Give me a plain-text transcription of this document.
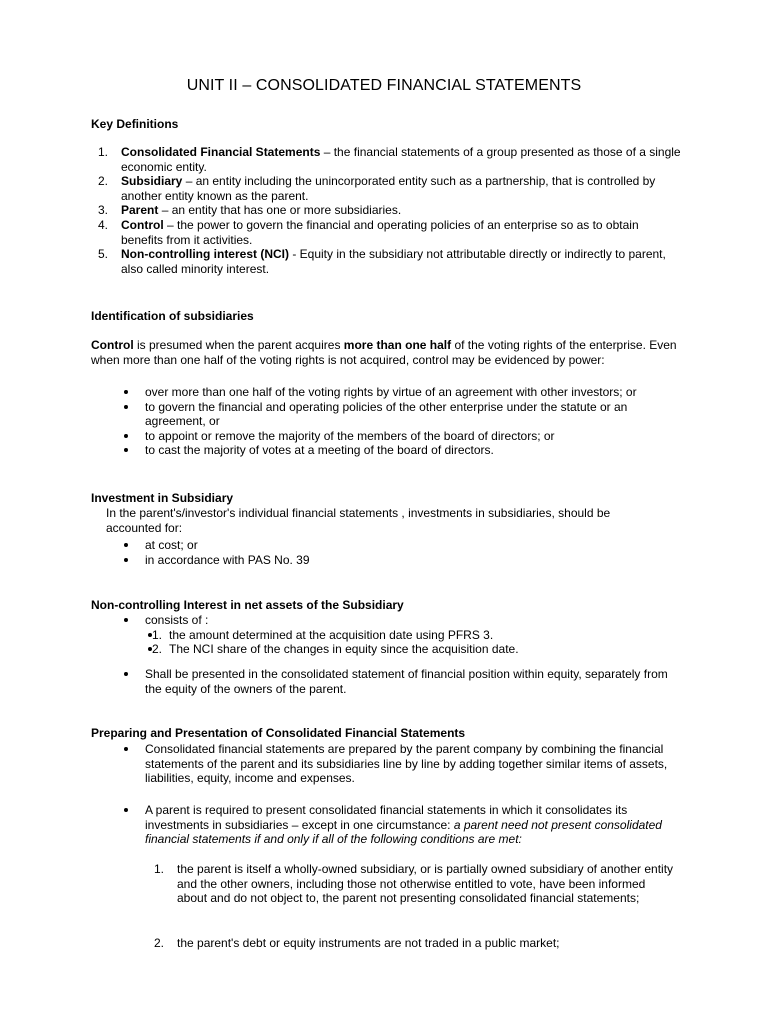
UNIT II – CONSOLIDATED FINANCIAL STATEMENTS
Key Definitions
1. Consolidated Financial Statements – the financial statements of a group presented as those of a single economic entity.
2. Subsidiary – an entity including the unincorporated entity such as a partnership, that is controlled by another entity known as the parent.
3. Parent – an entity that has one or more subsidiaries.
4. Control – the power to govern the financial and operating policies of an enterprise so as to obtain benefits from it activities.
5. Non-controlling interest (NCI) - Equity in the subsidiary not attributable directly or indirectly to parent, also called minority interest.
Identification of subsidiaries
Control is presumed when the parent acquires more than one half of the voting rights of the enterprise. Even when more than one half of the voting rights is not acquired, control may be evidenced by power:
over more than one half of the voting rights by virtue of an agreement with other investors; or
to govern the financial and operating policies of the other enterprise under the statute or an agreement, or
to appoint or remove the majority of the members of the board of directors; or
to cast the majority of votes at a meeting of the board of directors.
Investment in Subsidiary
In the parent's/investor's individual financial statements , investments in subsidiaries, should be accounted for:
at cost; or
in accordance with PAS No. 39
Non-controlling Interest in net assets of the Subsidiary
consists of :
1. the amount determined at the acquisition date using PFRS 3.
2. The NCI share of the changes in equity since the acquisition date.
Shall be presented in the consolidated statement of financial position within equity, separately from the equity of the owners of the parent.
Preparing and Presentation of Consolidated Financial Statements
Consolidated financial statements are prepared by the parent company by combining the financial statements of the parent and its subsidiaries line by line by adding together similar items of assets, liabilities, equity, income and expenses.
A parent is required to present consolidated financial statements in which it consolidates its investments in subsidiaries – except in one circumstance: a parent need not present consolidated financial statements if and only if all of the following conditions are met:
1. the parent is itself a wholly-owned subsidiary, or is partially owned subsidiary of another entity and the other owners, including those not otherwise entitled to vote, have been informed about and do not object to, the parent not presenting consolidated financial statements;
2. the parent's debt or equity instruments are not traded in a public market;
